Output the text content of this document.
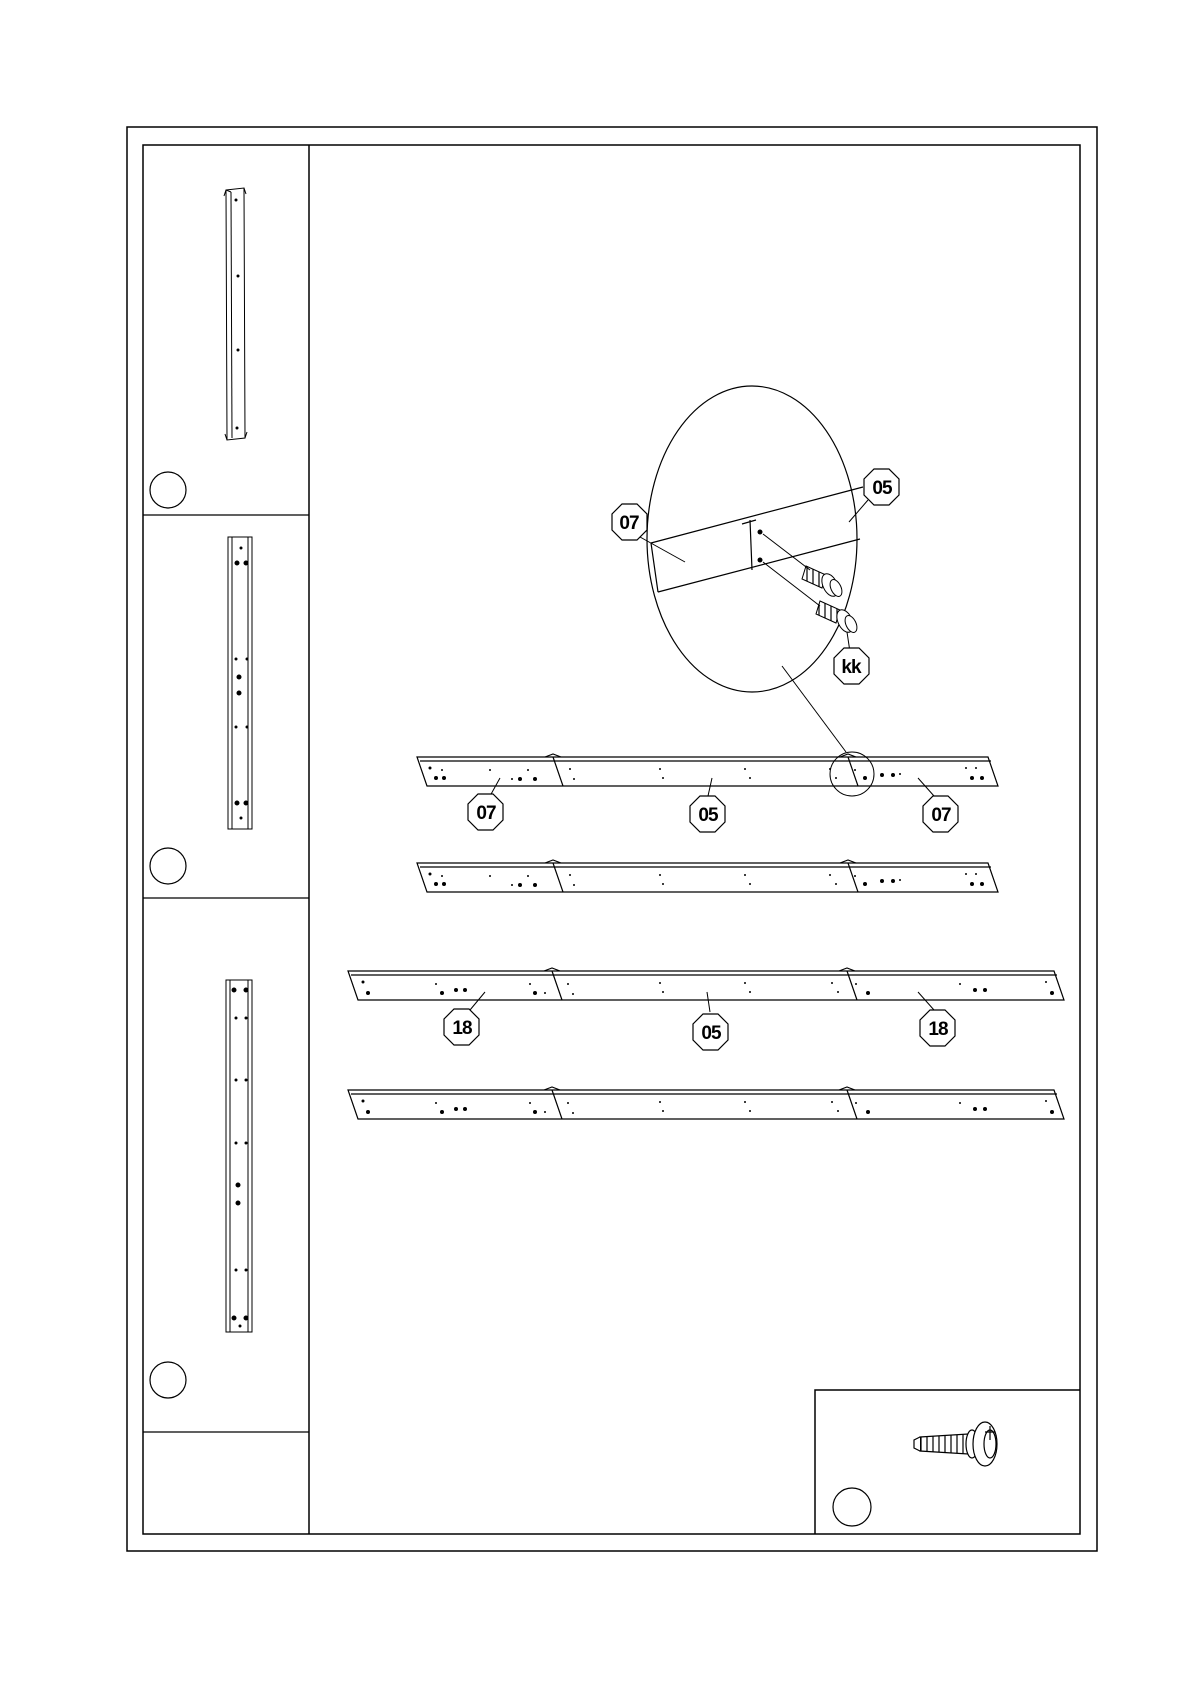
07
05
kk
07	05	07
18	05	18
